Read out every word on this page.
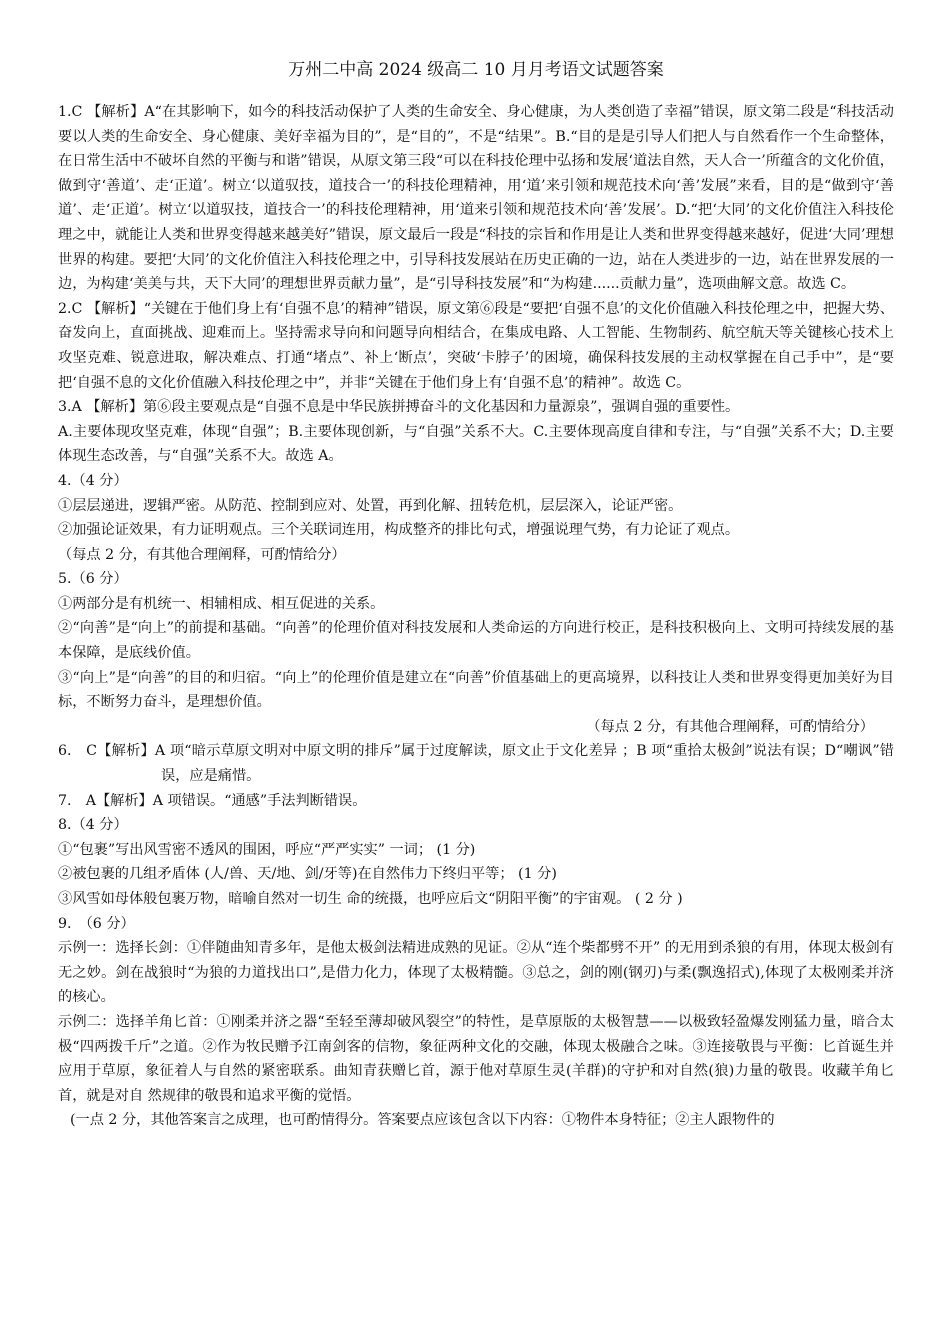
万州二中高 2024 级高二 10 月月考语文试题答案

1.C 【解析】A“在其影响下，如今的科技活动保护了人类的生命安全、身心健康，为人类创造了幸福”错误，原文第二段是“科技活动要以人类的生命安全、身心健康、美好幸福为目的”，是“目的”，不是“结果”。B.“目的是是引导人们把人与自然看作一个生命整体，在日常生活中不破坏自然的平衡与和谐”错误，从原文第三段“可以在科技伦理中弘扬和发展‘道法自然，天人合一’所蕴含的文化价值，做到守‘善道’、走‘正道’。树立‘以道驭技，道技合一’的科技伦理精神，用‘道’来引领和规范技术向‘善’发展”来看，目的是“做到守‘善道’、走‘正道’。树立‘以道驭技，道技合一’的科技伦理精神，用‘道来引领和规范技术向‘善’发展’。D.“把‘大同’的文化价值注入科技伦理之中，就能让人类和世界变得越来越美好”错误，原文最后一段是“科技的宗旨和作用是让人类和世界变得越来越好，促进‘大同’理想世界的构建。要把‘大同’的文化价值注入科技伦理之中，引导科技发展站在历史正确的一边，站在人类进步的一边，站在世界发展的一边，为构建‘美美与共，天下大同’的理想世界贡献力量”，是“引导科技发展”和“为构建......贡献力量”，选项曲解文意。故选 C。

2.C 【解析】“关键在于他们身上有‘自强不息’的精神”错误，原文第⑥段是“要把‘自强不息’的文化价值融入科技伦理之中，把握大势、奋发向上，直面挑战、迎难而上。坚持需求导向和问题导向相结合，在集成电路、人工智能、生物制药、航空航天等关键核心技术上攻坚克难、锐意进取，解决难点、打通“堵点”、补上‘断点’，突破‘卡脖子’的困境，确保科技发展的主动权掌握在自己手中”，是“要把‘自强不息的文化价值融入科技伦理之中”，并非“关键在于他们身上有‘自强不息’的精神”。故选 C。

3.A 【解析】第⑥段主要观点是“自强不息是中华民族拼搏奋斗的文化基因和力量源泉”，强调自强的重要性。

A.主要体现攻坚克难，体现“自强”；B.主要体现创新，与“自强”关系不大。C.主要体现高度自律和专注，与“自强”关系不大；D.主要体现生态改善，与“自强”关系不大。故选 A。

4.（4 分）

①层层递进，逻辑严密。从防范、控制到应对、处置，再到化解、扭转危机，层层深入，论证严密。

②加强论证效果，有力证明观点。三个关联词连用，构成整齐的排比句式，增强说理气势，有力论证了观点。

（每点 2 分，有其他合理阐释，可酌情给分）

5.（6 分）

①两部分是有机统一、相辅相成、相互促进的关系。

②“向善”是“向上”的前提和基础。“向善”的伦理价值对科技发展和人类命运的方向进行校正，是科技积极向上、文明可持续发展的基本保障，是底线价值。

③“向上”是“向善”的目的和归宿。“向上”的伦理价值是建立在“向善”价值基础上的更高境界，以科技让人类和世界变得更加美好为目标，不断努力奋斗，是理想价值。

（每点 2 分，有其他合理阐释，可酌情给分）

6.　C【解析】A 项“暗示草原文明对中原文明的排斥”属于过度解读，原文止于文化差异 ；B 项“重拾太极剑”说法有误；D“嘲讽”错误，应是痛惜。

7.　A【解析】A 项错误。“通感”手法判断错误。

8.（4 分）

①“包裹”写出风雪密不透风的围困，呼应“严严实实” 一词； (1 分)

②被包裹的几组矛盾体 (人/兽、天/地、剑/牙等)在自然伟力下终归平等； (1 分)

③风雪如母体般包裹万物，暗喻自然对一切生 命的统摄，也呼应后文“阴阳平衡”的宇宙观。 ( 2 分 )

9.　（6 分）

示例一：选择长剑：①伴随曲知青多年，是他太极剑法精进成熟的见证。②从“连个柴都劈不开” 的无用到杀狼的有用，体现太极剑有无之妙。剑在战狼时“为狼的力道找出口”,是借力化力，体现了太极精髓。③总之，剑的刚(钢刃)与柔(飘逸招式),体现了太极刚柔并济的核心。

示例二：选择羊角匕首：①刚柔并济之器“至轻至薄却破风裂空”的特性，是草原版的太极智慧——以极致轻盈爆发刚猛力量，暗合太极“四两拨千斤”之道。②作为牧民赠予江南剑客的信物，象征两种文化的交融，体现太极融合之味。③连接敬畏与平衡：匕首诞生并应用于草原，象征着人与自然的紧密联系。曲知青获赠匕首，源于他对草原生灵(羊群)的守护和对自然(狼)力量的敬畏。收藏羊角匕首，就是对自 然规律的敬畏和追求平衡的觉悟。

(一点 2 分，其他答案言之成理，也可酌情得分。答案要点应该包含以下内容：①物件本身特征；②主人跟物件的
